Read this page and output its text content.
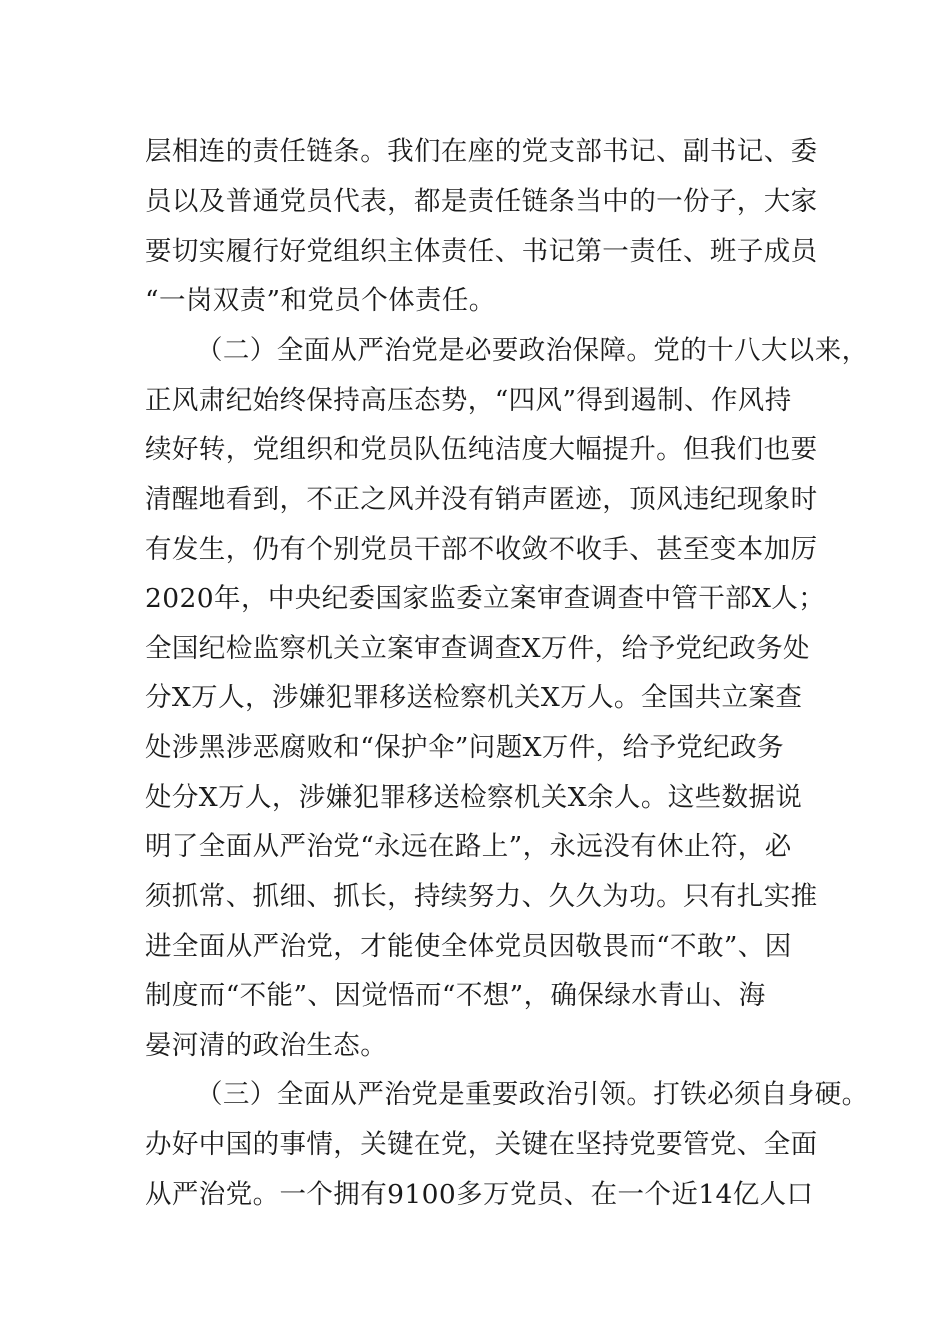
层相连的责任链条。我们在座的党支部书记、副书记、委
员以及普通党员代表，都是责任链条当中的一份子，大家
要切实履行好党组织主体责任、书记第一责任、班子成员
“一岗双责”和党员个体责任。
（二）全面从严治党是必要政治保障。党的十八大以来，
正风肃纪始终保持高压态势，“四风”得到遏制、作风持
续好转，党组织和党员队伍纯洁度大幅提升。但我们也要
清醒地看到，不正之风并没有销声匿迹，顶风违纪现象时
有发生，仍有个别党员干部不收敛不收手、甚至变本加厉
2020年，中央纪委国家监委立案审查调查中管干部X人；
全国纪检监察机关立案审查调查X万件，给予党纪政务处
分X万人，涉嫌犯罪移送检察机关X万人。全国共立案查
处涉黑涉恶腐败和“保护伞”问题X万件，给予党纪政务
处分X万人，涉嫌犯罪移送检察机关X余人。这些数据说
明了全面从严治党“永远在路上”，永远没有休止符，必
须抓常、抓细、抓长，持续努力、久久为功。只有扎实推
进全面从严治党，才能使全体党员因敬畏而“不敢”、因
制度而“不能”、因觉悟而“不想”，确保绿水青山、海
晏河清的政治生态。
（三）全面从严治党是重要政治引领。打铁必须自身硬。
办好中国的事情，关键在党，关键在坚持党要管党、全面
从严治党。一个拥有9100多万党员、在一个近14亿人口
